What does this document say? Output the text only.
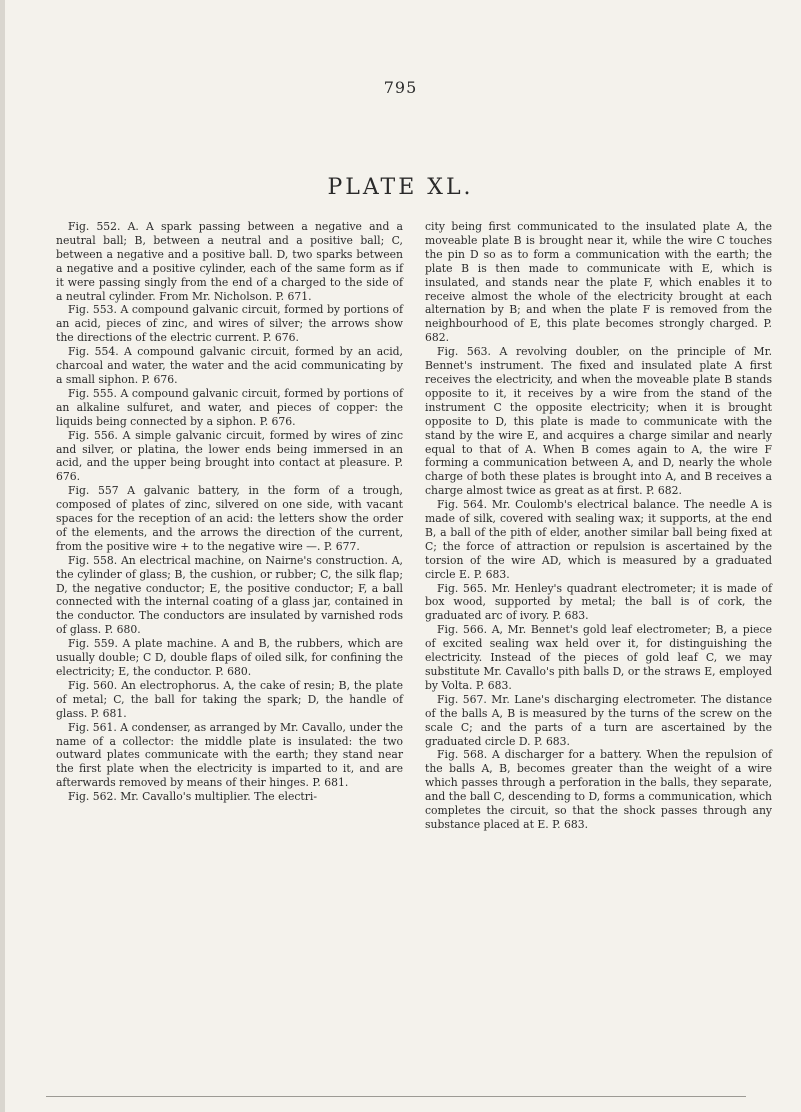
795
PLATE XL.

Fig. 552. A. A spark passing between a negative and a neutral ball; B, between a neutral and a positive ball; C, between a negative and a positive ball. D, two sparks between a negative and a positive cylinder, each of the same form as if it were passing singly from the end of a charged to the side of a neutral cylinder. From Mr. Nicholson. P. 671.

Fig. 553. A compound galvanic circuit, formed by portions of an acid, pieces of zinc, and wires of silver; the arrows show the directions of the electric current. P. 676.

Fig. 554. A compound galvanic circuit, formed by an acid, charcoal and water, the water and the acid communicating by a small siphon. P. 676.

Fig. 555. A compound galvanic circuit, formed by portions of an alkaline sulfuret, and water, and pieces of copper: the liquids being connected by a siphon. P. 676.

Fig. 556. A simple galvanic circuit, formed by wires of zinc and silver, or platina, the lower ends being immersed in an acid, and the upper being brought into contact at pleasure. P. 676.

Fig. 557 A galvanic battery, in the form of a trough, composed of plates of zinc, silvered on one side, with vacant spaces for the reception of an acid: the letters show the order of the elements, and the arrows the direction of the current, from the positive wire + to the negative wire —. P. 677.

Fig. 558. An electrical machine, on Nairne's construction. A, the cylinder of glass; B, the cushion, or rubber; C, the silk flap; D, the negative conductor; E, the positive conductor; F, a ball connected with the internal coating of a glass jar, contained in the conductor. The conductors are insulated by varnished rods of glass. P. 680.

Fig. 559. A plate machine. A and B, the rubbers, which are usually double; C D, double flaps of oiled silk, for confining the electricity; E, the conductor. P. 680.

Fig. 560. An electrophorus. A, the cake of resin; B, the plate of metal; C, the ball for taking the spark; D, the handle of glass. P. 681.

Fig. 561. A condenser, as arranged by Mr. Cavallo, under the name of a collector: the middle plate is insulated: the two outward plates communicate with the earth; they stand near the first plate when the electricity is imparted to it, and are afterwards removed by means of their hinges. P. 681.

Fig. 562. Mr. Cavallo's multiplier. The electri-

city being first communicated to the insulated plate A, the moveable plate B is brought near it, while the wire C touches the pin D so as to form a communication with the earth; the plate B is then made to communicate with E, which is insulated, and stands near the plate F, which enables it to receive almost the whole of the electricity brought at each alternation by B; and when the plate F is removed from the neighbourhood of E, this plate becomes strongly charged. P. 682.

Fig. 563. A revolving doubler, on the principle of Mr. Bennet's instrument. The fixed and insulated plate A first receives the electricity, and when the moveable plate B stands opposite to it, it receives by a wire from the stand of the instrument C the opposite electricity; when it is brought opposite to D, this plate is made to communicate with the stand by the wire E, and acquires a charge similar and nearly equal to that of A. When B comes again to A, the wire F forming a communication between A, and D, nearly the whole charge of both these plates is brought into A, and B receives a charge almost twice as great as at first. P. 682.

Fig. 564. Mr. Coulomb's electrical balance. The needle A is made of silk, covered with sealing wax; it supports, at the end B, a ball of the pith of elder, another similar ball being fixed at C; the force of attraction or repulsion is ascertained by the torsion of the wire AD, which is measured by a graduated circle E. P. 683.

Fig. 565. Mr. Henley's quadrant electrometer; it is made of box wood, supported by metal; the ball is of cork, the graduated arc of ivory. P. 683.

Fig. 566. A, Mr. Bennet's gold leaf electrometer; B, a piece of excited sealing wax held over it, for distinguishing the electricity. Instead of the pieces of gold leaf C, we may substitute Mr. Cavallo's pith balls D, or the straws E, employed by Volta. P. 683.

Fig. 567. Mr. Lane's discharging electrometer. The distance of the balls A, B is measured by the turns of the screw on the scale C; and the parts of a turn are ascertained by the graduated circle D. P. 683.

Fig. 568. A discharger for a battery. When the repulsion of the balls A, B, becomes greater than the weight of a wire which passes through a perforation in the balls, they separate, and the ball C, descending to D, forms a communication, which completes the circuit, so that the shock passes through any substance placed at E. P. 683.
